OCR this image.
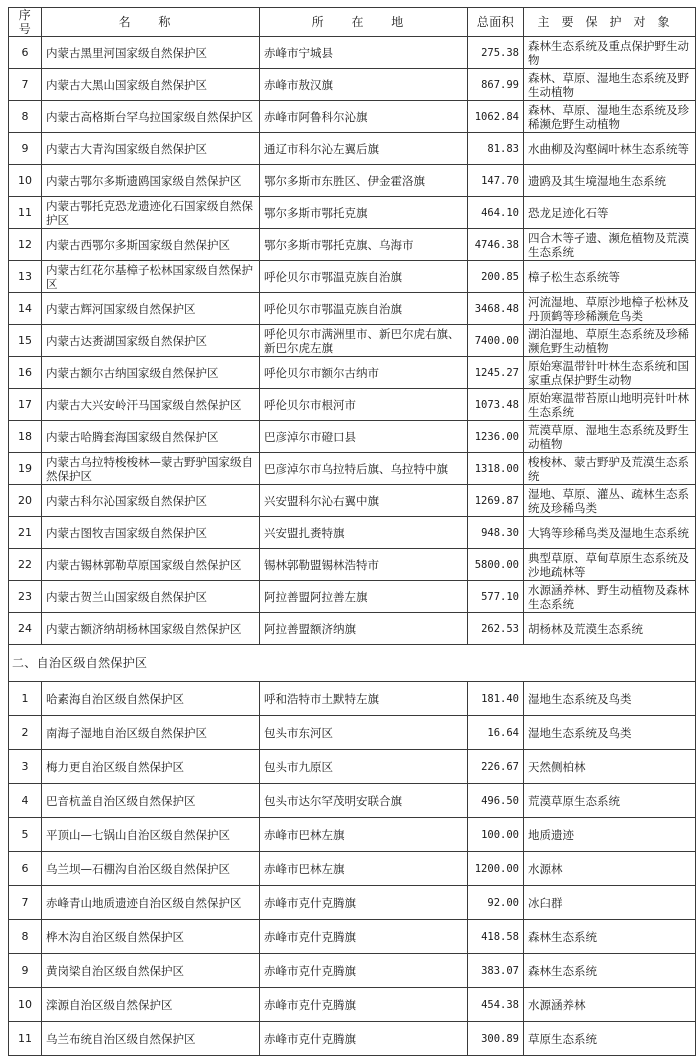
序号	名 称	所 在 地	总面积	主要保护对象
6	内蒙古黑里河国家级自然保护区	赤峰市宁城县	275.38	森林生态系统及重点保护野生动物
7	内蒙古大黑山国家级自然保护区	赤峰市敖汉旗	867.99	森林、草原、湿地生态系统及野生动植物
8	内蒙古高格斯台罕乌拉国家级自然保护区	赤峰市阿鲁科尔沁旗	1062.84	森林、草原、湿地生态系统及珍稀濒危野生动植物
9	内蒙古大青沟国家级自然保护区	通辽市科尔沁左翼后旗	81.83	水曲柳及沟壑阔叶林生态系统等
10	内蒙古鄂尔多斯遗鸥国家级自然保护区	鄂尔多斯市东胜区、伊金霍洛旗	147.70	遗鸥及其生境湿地生态系统
11	内蒙古鄂托克恐龙遗迹化石国家级自然保护区	鄂尔多斯市鄂托克旗	464.10	恐龙足迹化石等
12	内蒙古西鄂尔多斯国家级自然保护区	鄂尔多斯市鄂托克旗、乌海市	4746.38	四合木等孑遗、濒危植物及荒漠生态系统
13	内蒙古红花尔基樟子松林国家级自然保护区	呼伦贝尔市鄂温克族自治旗	200.85	樟子松生态系统等
14	内蒙古辉河国家级自然保护区	呼伦贝尔市鄂温克族自治旗	3468.48	河流湿地、草原沙地樟子松林及丹顶鹤等珍稀濒危鸟类
15	内蒙古达赉湖国家级自然保护区	呼伦贝尔市满洲里市、新巴尔虎右旗、新巴尔虎左旗	7400.00	湖泊湿地、草原生态系统及珍稀濒危野生动植物
16	内蒙古额尔古纳国家级自然保护区	呼伦贝尔市额尔古纳市	1245.27	原始寒温带针叶林生态系统和国家重点保护野生动物
17	内蒙古大兴安岭汗马国家级自然保护区	呼伦贝尔市根河市	1073.48	原始寒温带苔原山地明亮针叶林生态系统
18	内蒙古哈腾套海国家级自然保护区	巴彦淖尔市磴口县	1236.00	荒漠草原、湿地生态系统及野生动植物
19	内蒙古乌拉特梭梭林—蒙古野驴国家级自然保护区	巴彦淖尔市乌拉特后旗、乌拉特中旗	1318.00	梭梭林、蒙古野驴及荒漠生态系统
20	内蒙古科尔沁国家级自然保护区	兴安盟科尔沁右翼中旗	1269.87	湿地、草原、灌丛、疏林生态系统及珍稀鸟类
21	内蒙古图牧吉国家级自然保护区	兴安盟扎赉特旗	948.30	大鸨等珍稀鸟类及湿地生态系统
22	内蒙古锡林郭勒草原国家级自然保护区	锡林郭勒盟锡林浩特市	5800.00	典型草原、草甸草原生态系统及沙地疏林等
23	内蒙古贺兰山国家级自然保护区	阿拉善盟阿拉善左旗	577.10	水源涵养林、野生动植物及森林生态系统
24	内蒙古额济纳胡杨林国家级自然保护区	阿拉善盟额济纳旗	262.53	胡杨林及荒漠生态系统
二、自治区级自然保护区				
1	哈素海自治区级自然保护区	呼和浩特市土默特左旗	181.40	湿地生态系统及鸟类
2	南海子湿地自治区级自然保护区	包头市东河区	16.64	湿地生态系统及鸟类
3	梅力更自治区级自然保护区	包头市九原区	226.67	天然侧柏林
4	巴音杭盖自治区级自然保护区	包头市达尔罕茂明安联合旗	496.50	荒漠草原生态系统
5	平顶山—七锅山自治区级自然保护区	赤峰市巴林左旗	100.00	地质遗迹
6	乌兰坝—石棚沟自治区级自然保护区	赤峰市巴林左旗	1200.00	水源林
7	赤峰青山地质遗迹自治区级自然保护区	赤峰市克什克腾旗	92.00	冰臼群
8	桦木沟自治区级自然保护区	赤峰市克什克腾旗	418.58	森林生态系统
9	黄岗梁自治区级自然保护区	赤峰市克什克腾旗	383.07	森林生态系统
10	滦源自治区级自然保护区	赤峰市克什克腾旗	454.38	水源涵养林
11	乌兰布统自治区级自然保护区	赤峰市克什克腾旗	300.89	草原生态系统
